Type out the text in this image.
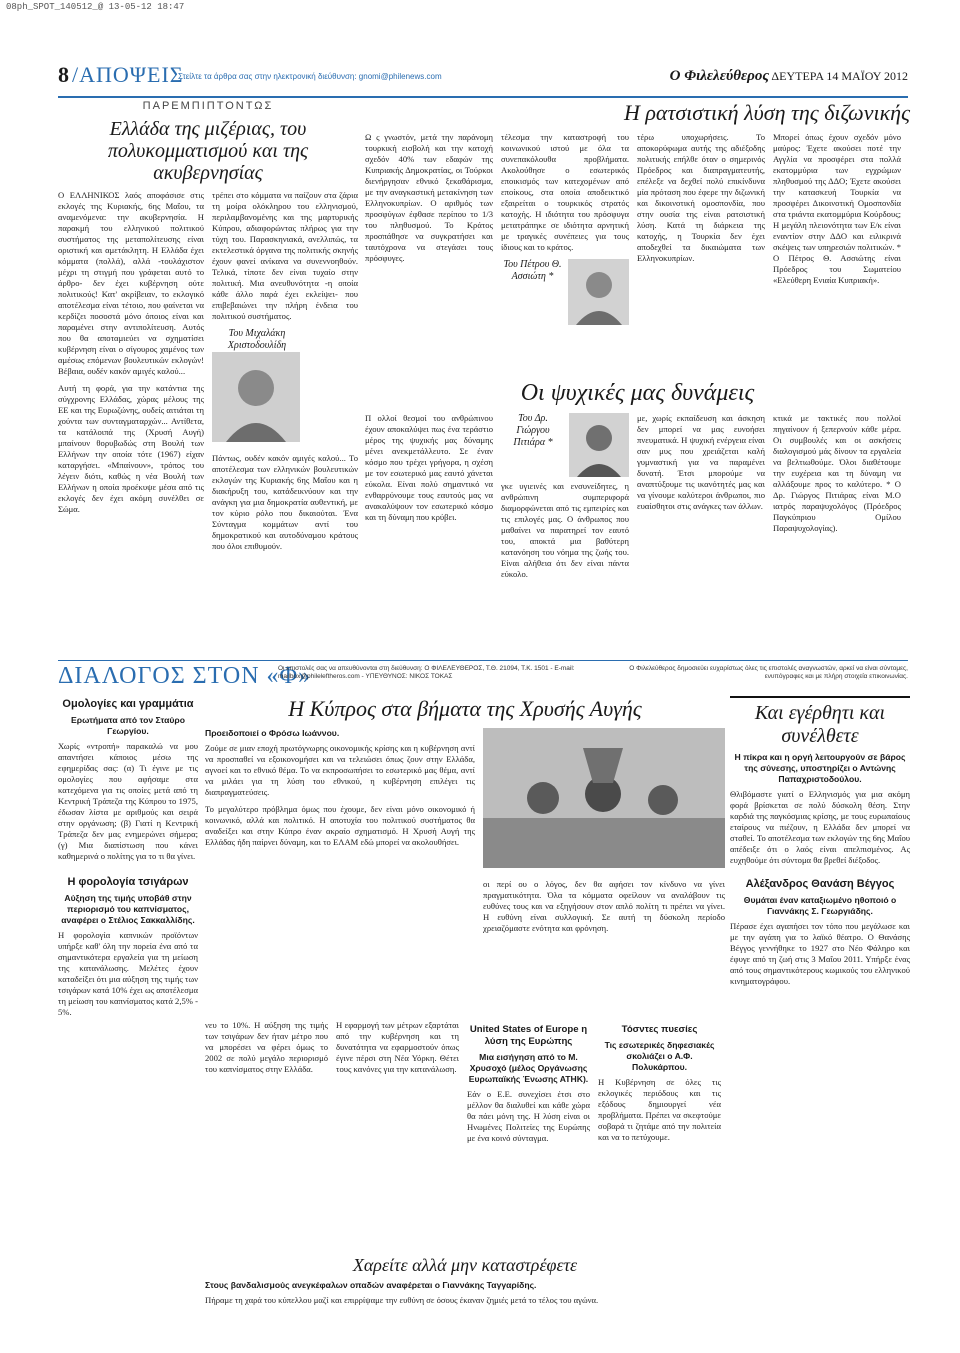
08ph_SPOT_140512_@ 13-05-12 18:47
8 /ΑΠΟΨΕΙΣ
Στείλτε τα άρθρα σας στην ηλεκτρονική διεύθυνση: gnomi@philenews.com	Ο Φιλελεύθερος ΔΕΥΤΕΡΑ 14 ΜΑΪΟΥ 2012
ΠΑΡΕΜΠΙΠΤΟΝΤΩΣ
Ελλάδα της μιζέριας, του πολυκομματισμού και της ακυβερνησίας

Ο ΕΛΛΗΝΙΚΟΣ λαός αποφάσισε στις εκλογές της Κυριακής, 6ης Μαΐου, τα αναμενόμενα: την ακυβερνησία. Η παρακμή του ελληνικού πολιτικού συστήματος της μεταπολίτευσης είναι οριστική και αμετάκλητη. Η Ελλάδα έχει κόμματα (πολλά), αλλά -τουλάχιστον μέχρι τη στιγμή που γράφεται αυτό το άρθρο- δεν έχει κυβέρνηση ούτε πολιτικούς! Κατ' ακρίβειαν, το εκλογικό αποτέλεσμα είναι τέτοιο, που φαίνεται να κερδίζει ποσοστά μόνο όποιος είναι και παραμένει στην αντιπολίτευση. Αυτός που θα αποταμιεύει να σχηματίσει κυβέρνηση είναι ο σίγουρος χαμένος των αμέσως επόμενων βουλευτικών εκλογών! Βέβαια, ουδέν κακόν αμιγές καλού...

Αυτή τη φορά, για την κατάντια της σύγχρονης Ελλάδας, χώρας μέλους της ΕΕ και της Ευρωζώνης, ουδείς αιτιάται τη χούντα των συνταγματαρχών... Αντίθετα, τα κατάλοιπά της (Χρυσή Αυγή) μπαίνουν θορυβωδώς στη Βουλή των Ελλήνων την οποία τότε (1967) είχαν καταργήσει. «Μπαίνουν», τρόπος του λέγειν διότι, καθώς η νέα Βουλή των Ελλήνων η οποία προέκυψε μέσα από τις εκλογές δεν έχει ακόμη συνέλθει σε Σώμα.

τρέπει στο κόμματα να παίζουν στα ζάρια τη μοίρα ολόκληρου του ελληνισμού, περιλαμβανομένης και της μαρτυρικής Κύπρου, αδιαφορώντας πλήρως για την τύχη του. Παρασκηνιακά, ανελλιπώς, τα εκτελεστικά όργανα της πολιτικής σκηνής έχουν φανεί ανίκανα να συνεννοηθούν. Τελικά, τίποτε δεν είναι τυχαίο στην πολιτική. Μια ανευθυνότητα -η οποία κάθε άλλο παρά έχει εκλείψει- που επιβεβαιώνει την πλήρη ένδεια του πολιτικού συστήματος.

Του Μιχαλάκη Χριστοδουλίδη

Πάντως, ουδέν κακόν αμιγές καλού... Το αποτέλεσμα των ελληνικών βουλευτικών εκλογών της Κυριακής 6ης Μαΐου και η διακήρυξη του, κατάδεικνύουν και την ανάγκη για μια δημοκρατία αυθεντική, με τον κύριο ρόλο που δικαιούται. Ένα Σύνταγμα κομμάτων αντί του δημοκρατικού και αυτοδύναμου κράτους που όλοι επιθυμούν.

Η ρατσιστική λύση της διζωνικής

Ω ς γνωστόν, μετά την παράνομη τουρκική εισβολή και την κατοχή σχεδόν 40% των εδαφών της Κυπριακής Δημοκρατίας, οι Τούρκοι διενήργησαν εθνικό ξεκαθάρισμα, με την αναγκαστική μετακίνηση των Ελληνοκυπρίων. Ο αριθμός των προσφύγων έφθασε περίπου το 1/3 του πληθυσμού. Το Κράτος προσπάθησε να συγκρατήσει και ταυτόχρονα να στεγάσει τους πρόσφυγες.

τέλεσμα την καταστροφή του κοινωνικού ιστού με όλα τα συνεπακόλουθα προβλήματα. Ακολούθησε ο εσωτερικός εποικισμός των κατεχομένων από εποίκους, στα οποία αποδεικτικό εξαιρείται ο τουρκικός στρατός κατοχής. Η ιδιότητα του πρόσφυγα μετατράπηκε σε ιδιότητα αρνητική με τραγικές συνέπειες για τους ίδιους και το κράτος.

Του Πέτρου Θ. Ασσιώτη *

τέρω υποχωρήσεις. Το αποκορύφωμα αυτής της αδιέξοδης πολιτικής επήλθε όταν ο σημερινός Πρόεδρος και διαπραγματευτής, επέλεξε να δεχθεί πολύ επικίνδυνα μία πρόταση που έφερε την διζωνική και δικοινοτική ομοσπονδία, που στην ουσία της είναι ρατσιστική λύση. Κατά τη διάρκεια της κατοχής, η Τουρκία δεν έχει αποδεχθεί τα δικαιώματα των Ελληνοκυπρίων.

Μπορεί όπως έχουν σχεδόν μόνο μαύρος: Έχετε ακούσει ποτέ την Αγγλία να προσφέρει στα πολλά εκατομμύρια των εγχρώμων πληθυσμού της ΔΔΟ; Έχετε ακούσει την κατασκευή Τουρκία να προσφέρει Δικοινοτική Ομοσπονδία στα τριάντα εκατομμύρια Κούρδους; Η μεγάλη πλειονότητα των Ε/κ είναι εναντίον στην ΔΔΟ και ειλικρινά σκέψεις των υπηρεσιών πολιτικών. * Ο Πέτρος Θ. Ασσιώτης είναι Πρόεδρος του Σωματείου «Ελεύθερη Ενιαία Κυπριακή».

Οι ψυχικές μας δυνάμεις

Π ολλοί θεσμοί του ανθρώπινου έχουν αποκαλύψει πως ένα τεράστιο μέρος της ψυχικής μας δύναμης μένει ανεκμετάλλευτο. Σε έναν κόσμο που τρέχει γρήγορα, η σχέση με τον εσωτερικό μας εαυτό χάνεται εύκολα. Είναι πολύ σημαντικό να ενθαρρύνουμε τους εαυτούς μας να ανακαλύψουν τον εσωτερικό κόσμο και τη δύναμη που κρύβει.

Του Δρ. Γιώργου Πιτιάρα *

γκε υγιεινές και ενσυνείδητες, η ανθρώπινη συμπεριφορά διαμορφώνεται από τις εμπειρίες και τις επιλογές μας. Ο άνθρωπος που μαθαίνει να παρατηρεί τον εαυτό του, αποκτά μια βαθύτερη κατανόηση του νόημα της ζωής του. Είναι αλήθεια ότι δεν είναι πάντα εύκολο.

με, χωρίς εκπαίδευση και άσκηση δεν μπορεί να μας ευνοήσει πνευματικά. Η ψυχική ενέργεια είναι σαν μυς που χρειάζεται καλή γυμναστική για να παραμένει δυνατή. Έτσι μπορούμε να αναπτύξουμε τις ικανότητές μας και να γίνουμε καλύτεροι άνθρωποι, πιο ευαίσθητοι στις ανάγκες των άλλων.

κτικά με τακτικές που πολλοί πηγαίνουν ή ξεπερνούν κάθε μέρα. Οι συμβουλές και οι ασκήσεις διαλογισμού μάς δίνουν τα εργαλεία να βελτιωθούμε. Όλοι διαθέτουμε την ευχέρεια και τη δύναμη να αλλάξουμε προς το καλύτερο. * Ο Δρ. Γιώργος Πιτιάρας είναι Μ.Ο ιατρός παραψυχολόγος (Πρόεδρος Παγκύπριου Ομίλου Παραψυχολογίας).

ΔΙΑΛΟΓΟΣ ΣΤΟΝ «Φ»
Οι επιστολές σας να απευθύνονται στη διεύθυνση: Ο ΦΙΛΕΛΕΥΘΕΡΟΣ, Τ.Θ. 21094, Τ.Κ. 1501 - E-mail: mailbox@phileleftheros.com - ΥΠΕΥΘΥΝΟΣ: ΝΙΚΟΣ ΤΟΚΑΣ
Ο Φιλελεύθερος δημοσιεύει ευχαρίστως όλες τις επιστολές αναγνωστών, αρκεί να είναι σύντομες, ενυπόγραφες και με πλήρη στοιχεία επικοινωνίας.
Ομολογίες και γραμμάτια
Ερωτήματα από τον Σταύρο Γεωργίου.

Χωρίς «ντροπή» παρακαλώ να μου απαντήσει κάποιος μέσω της εφημερίδας σας: (α) Τι έγινε με τις ομολογίες που αφήσαμε στα κατεχόμενα για τις οποίες μετά από τη Κεντρική Τράπεζα της Κύπρου το 1975, έδωσαν λίστα με αριθμούς και σειρά στην οργάνωση; (β) Γιατί η Κεντρική Τράπεζα δεν μας ενημερώνει σήμερα; (γ) Μια διαπίστωση που κάνει καθημερινά ο πολίτης για το τι θα γίνει.

Η φορολογία τσιγάρων
Αύξηση της τιμής υποβάθ στην περιορισμό του καπνίσματος, αναφέρει ο Στέλιος Σακκαλλίδης.

Η φορολογία καπνικών προϊόντων υπήρξε καθ' όλη την πορεία ένα από τα σημαντικότερα εργαλεία για τη μείωση της κατανάλωσης. Μελέτες έχουν καταδείξει ότι μια αύξηση της τιμής των τσιγάρων κατά 10% έχει ως αποτέλεσμα τη μείωση του καπνίσματος κατά 2,5% - 5%.

Η Κύπρος στα βήματα της Χρυσής Αυγής
Προειδοποιεί ο Φρόσω Ιωάννου.

Ζούμε σε μιαν εποχή πρωτόγνωρης οικονομικής κρίσης και η κυβέρνηση αντί να προσπαθεί να εξοικονομήσει και να τελειώσει όπως ζουν στην Ελλάδα, αγνοεί και το εθνικό θέμα. Το να εκπροσωπήσει το εσωτερικό μας θέμα, αντί να μιλάει για τη λύση του εθνικού, η κυβέρνηση επιλέγει τις διαπραγματεύσεις.

Το μεγαλύτερο πρόβλημα όμως που έχουμε, δεν είναι μόνο οικονομικό ή κοινωνικό, αλλά και πολιτικό. Η αποτυχία του πολιτικού συστήματος θα αναδείξει και στην Κύπρο έναν ακραίο σχηματισμό. Η Χρυσή Αυγή της Ελλάδας ήδη παίρνει δύναμη, και το ΕΛΑΜ εδώ μπορεί να ακολουθήσει.

οι περί ου ο λόγος, δεν θα αφήσει τον κίνδυνο να γίνει πραγματικότητα. Όλα τα κόμματα οφείλουν να αναλάβουν τις ευθύνες τους και να εξηγήσουν στον απλό πολίτη τι πρέπει να γίνει. Η ευθύνη είναι συλλογική. Σε αυτή τη δύσκολη περίοδο χρειαζόμαστε ενότητα και φρόνηση.

Και εγέρθητι και συνέλθετε
Η πίκρα και η οργή λειτουργούν σε βάρος της σύνεσης, υποστηρίζει ο Αντώνης Παπαχριστοδούλου.

Θλιβόμαστε γιατί ο Ελληνισμός για μια ακόμη φορά βρίσκεται σε πολύ δύσκολη θέση. Στην καρδιά της παγκόσμιας κρίσης, με τους ευρωπαίους εταίρους να πιέζουν, η Ελλάδα δεν μπορεί να σταθεί. Το αποτέλεσμα των εκλογών της 6ης Μαΐου απέδειξε ότι ο λαός είναι απελπισμένος. Ας ευχηθούμε ότι σύντομα θα βρεθεί διέξοδος.

Αλέξανδρος Θανάση Βέγγος
Θυμάται έναν καταξιωμένο ηθοποιό ο Γιαννάκης Σ. Γεωργιάδης.

Πέρασε έχει αγαπήσει τον τόπο που μεγάλωσε και με την αγάπη για το λαϊκό θέατρο. Ο Θανάσης Βέγγος γεννήθηκε το 1927 στο Νέο Φάληρο και έφυγε από τη ζωή στις 3 Μαΐου 2011. Υπήρξε ένας από τους σημαντικότερους κωμικούς του ελληνικού κινηματογράφου.

νευ το 10%. Η αύξηση της τιμής των τσιγάρων δεν ήταν μέτρο που να μπορέσει να φέρει όμως το 2002 σε πολύ μεγάλο περιορισμό του καπνίσματος στην Ελλάδα.

Η εφαρμογή των μέτρων εξαρτάται από την κυβέρνηση και τη δυνατότητα να εφαρμοστούν όπως έγινε πέρσι στη Νέα Υόρκη. Θέτει τους κανόνες για την κατανάλωση.

United States of Europe η λύση της Ευρώπης
Μια εισήγηση από το Μ. Χρυσοχό (μέλος Οργάνωσης Ευρωπαϊκής Ένωσης ΑΤΗΚ).

Εάν ο Ε.Ε. συνεχίσει έτσι στο μέλλον θα διαλυθεί και κάθε χώρα θα πάει μόνη της. Η λύση είναι οι Ηνωμένες Πολιτείες της Ευρώπης με ένα κοινό σύνταγμα.

Τόσντες πυεσίες
Τις εσωτερικές δηφεσιακές σκολιάζει ο Α.Φ. Πολυκάρπου.

Η Κυβέρνηση σε όλες τις εκλογικές περιόδους και τις εξόδους δημιουργεί νέα προβλήματα. Πρέπει να σκεφτούμε σοβαρά τι ζητάμε από την πολιτεία και να το πετύχουμε.

Χαρείτε αλλά μην καταστρέφετε
Στους βανδαλισμούς ανεγκέφαλων οπαδών αναφέρεται ο Γιαννάκης Ταγγαρίδης.

Πήραμε τη χαρά του κύπελλου μαζί και επιρρίψαμε την ευθύνη σε όσους έκαναν ζημιές μετά το τέλος του αγώνα.
